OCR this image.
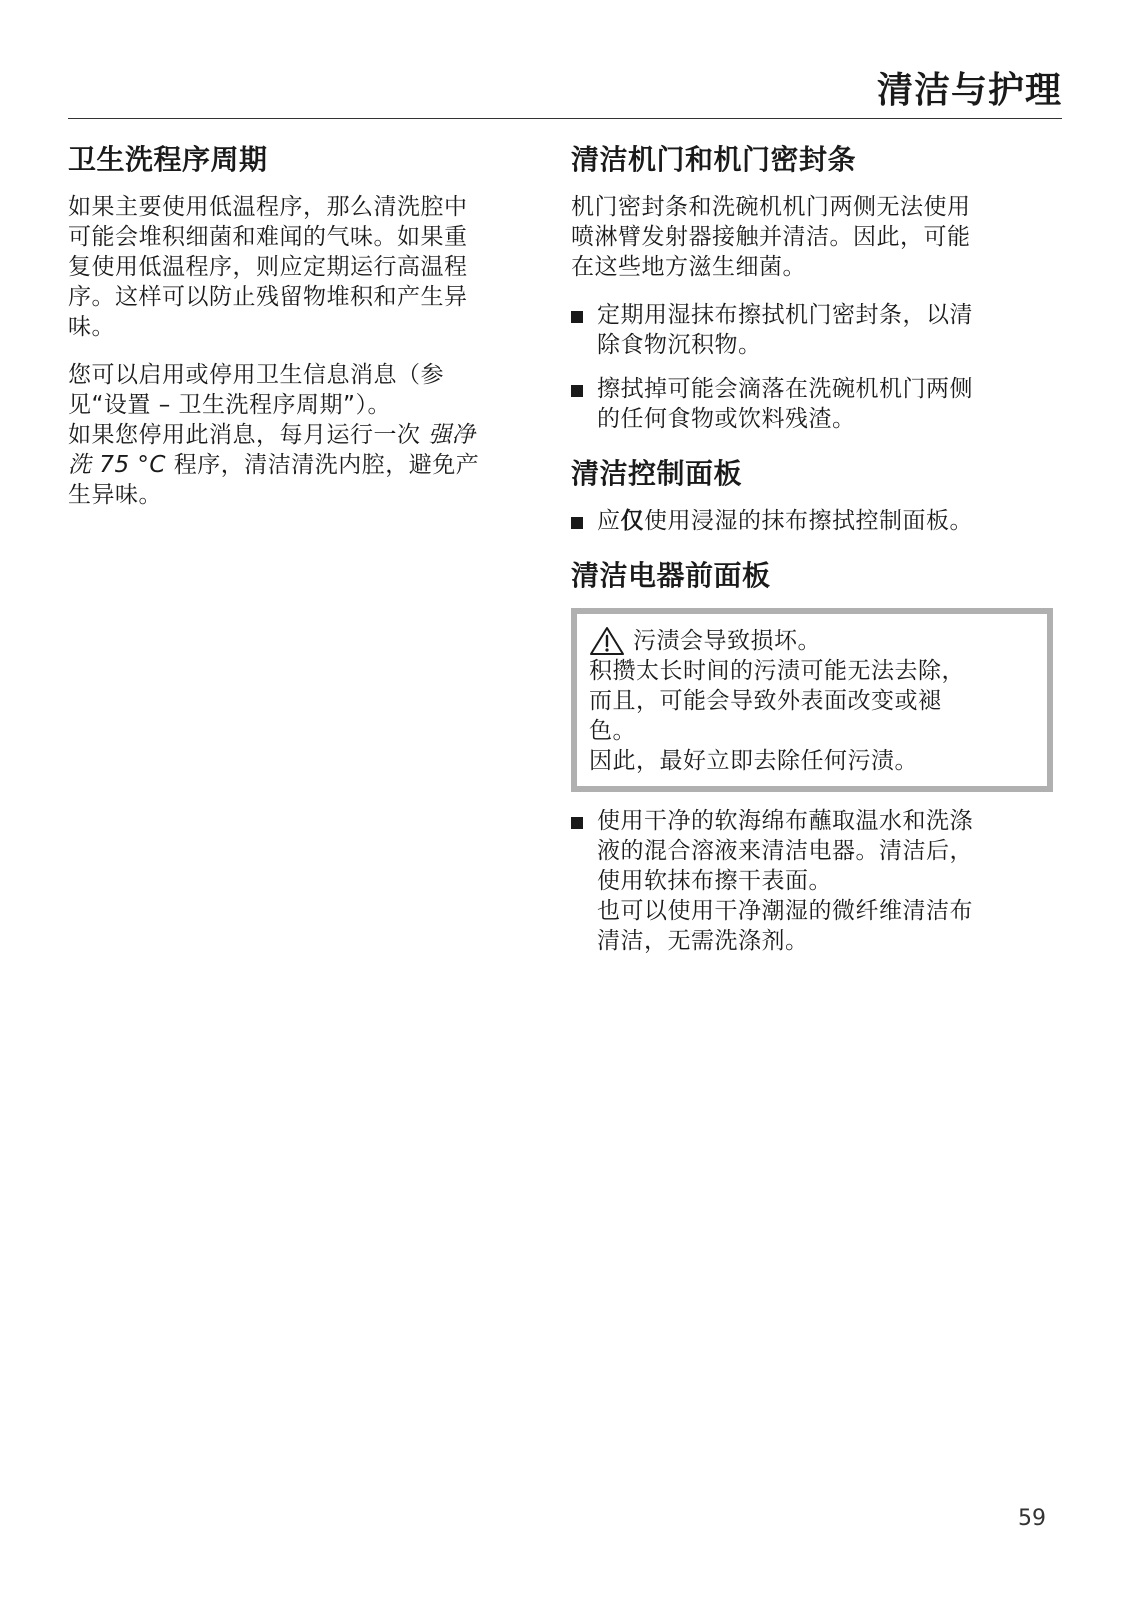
清洁与护理
卫生洗程序周期

如果主要使用低温程序，那么清洗腔中
可能会堆积细菌和难闻的气味。如果重
复使用低温程序，则应定期运行高温程
序。这样可以防止残留物堆积和产生异
味。

您可以启用或停用卫生信息消息（参
见“设置 – 卫生洗程序周期”）。
如果您停用此消息，每月运行一次 强净
洗 75 °C 程序，清洁清洗内腔，避免产
生异味。

清洁机门和机门密封条

机门密封条和洗碗机机门两侧无法使用
喷淋臂发射器接触并清洁。因此，可能
在这些地方滋生细菌。

定期用湿抹布擦拭机门密封条，以清
除食物沉积物。
擦拭掉可能会滴落在洗碗机机门两侧
的任何食物或饮料残渣。
清洁控制面板
应仅使用浸湿的抹布擦拭控制面板。
清洁电器前面板
污渍会导致损坏。
积攒太长时间的污渍可能无法去除，
而且，可能会导致外表面改变或褪
色。
因此，最好立即去除任何污渍。
使用干净的软海绵布蘸取温水和洗涤
液的混合溶液来清洁电器。清洁后，
使用软抹布擦干表面。
也可以使用干净潮湿的微纤维清洁布
清洁，无需洗涤剂。
59
